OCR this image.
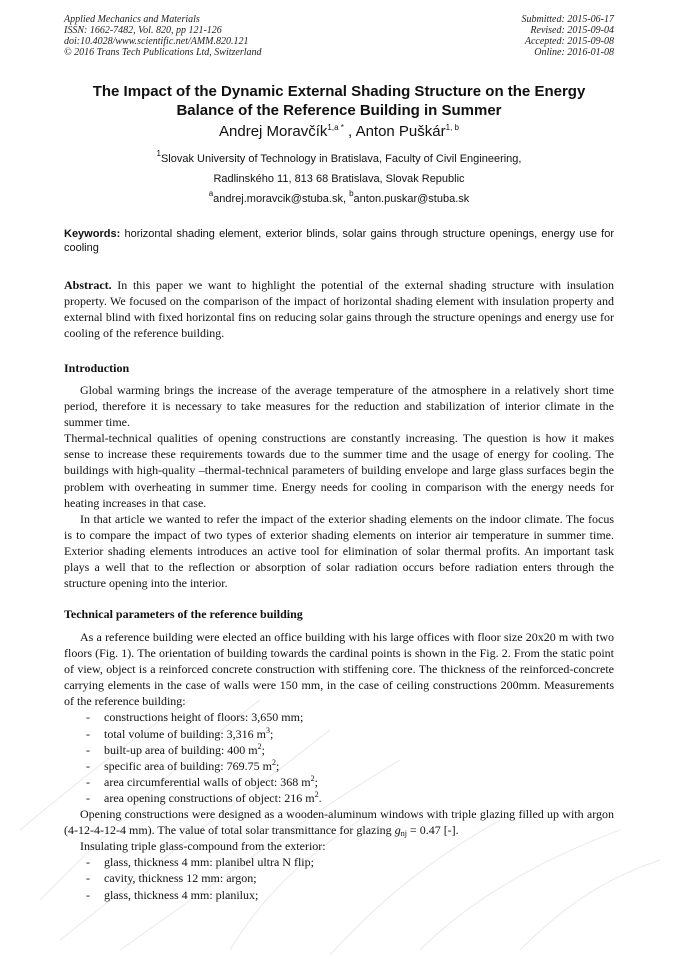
Applied Mechanics and Materials
ISSN: 1662-7482, Vol. 820, pp 121-126
doi:10.4028/www.scientific.net/AMM.820.121
© 2016 Trans Tech Publications Ltd, Switzerland
Submitted: 2015-06-17
Revised: 2015-09-04
Accepted: 2015-09-08
Online: 2016-01-08
The Impact of the Dynamic External Shading Structure on the Energy
Balance of the Reference Building in Summer
Andrej Moravčík$^{1,a *}$ , Anton Puškár$^{1, b}$
$^1$Slovak University of Technology in Bratislava, Faculty of Civil Engineering,
Radlinského 11, 813 68 Bratislava, Slovak Republic
$^a$andrej.moravcik@stuba.sk, $^b$anton.puskar@stuba.sk
Keywords: horizontal shading element, exterior blinds, solar gains through structure openings, energy use for cooling

Abstract. In this paper we want to highlight the potential of the external shading structure with insulation property. We focused on the comparison of the impact of horizontal shading element with insulation property and external blind with fixed horizontal fins on reducing solar gains through the structure openings and energy use for cooling of the reference building.

Introduction

Global warming brings the increase of the average temperature of the atmosphere in a relatively short time period, therefore it is necessary to take measures for the reduction and stabilization of interior climate in the summer time.

Thermal-technical qualities of opening constructions are constantly increasing. The question is how it makes sense to increase these requirements towards due to the summer time and the usage of energy for cooling. The buildings with high-quality –thermal-technical parameters of building envelope and large glass surfaces begin the problem with overheating in summer time. Energy needs for cooling in comparison with the energy needs for heating increases in that case.

In that article we wanted to refer the impact of the exterior shading elements on the indoor climate. The focus is to compare the impact of two types of exterior shading elements on interior air temperature in summer time. Exterior shading elements introduces an active tool for elimination of solar thermal profits. An important task plays a well that to the reflection or absorption of solar radiation occurs before radiation enters through the structure opening into the interior.

Technical parameters of the reference building

As a reference building were elected an office building with his large offices with floor size 20x20 m with two floors (Fig. 1). The orientation of building towards the cardinal points is shown in the Fig. 2. From the static point of view, object is a reinforced concrete construction with stiffening core. The thickness of the reinforced-concrete carrying elements in the case of walls were 150 mm, in the case of ceiling constructions 200mm. Measurements of the reference building:

- constructions height of floors: 3,650 mm;
- total volume of building: 3,316 $m^3$;
- built-up area of building: 400 $m^2$;
- specific area of building: 769.75 $m^2$;
- area circumferential walls of object: 368 $m^2$;
- area opening constructions of object: 216 $m^2$.

Opening constructions were designed as a wooden-aluminum windows with triple glazing filled up with argon (4-12-4-12-4 mm). The value of total solar transmittance for glazing $g_{nj} = 0.47$ [-].

Insulating triple glass-compound from the exterior:

- glass, thickness 4 mm: planibel ultra N flip;
- cavity, thickness 12 mm: argon;
- glass, thickness 4 mm: planilux;
